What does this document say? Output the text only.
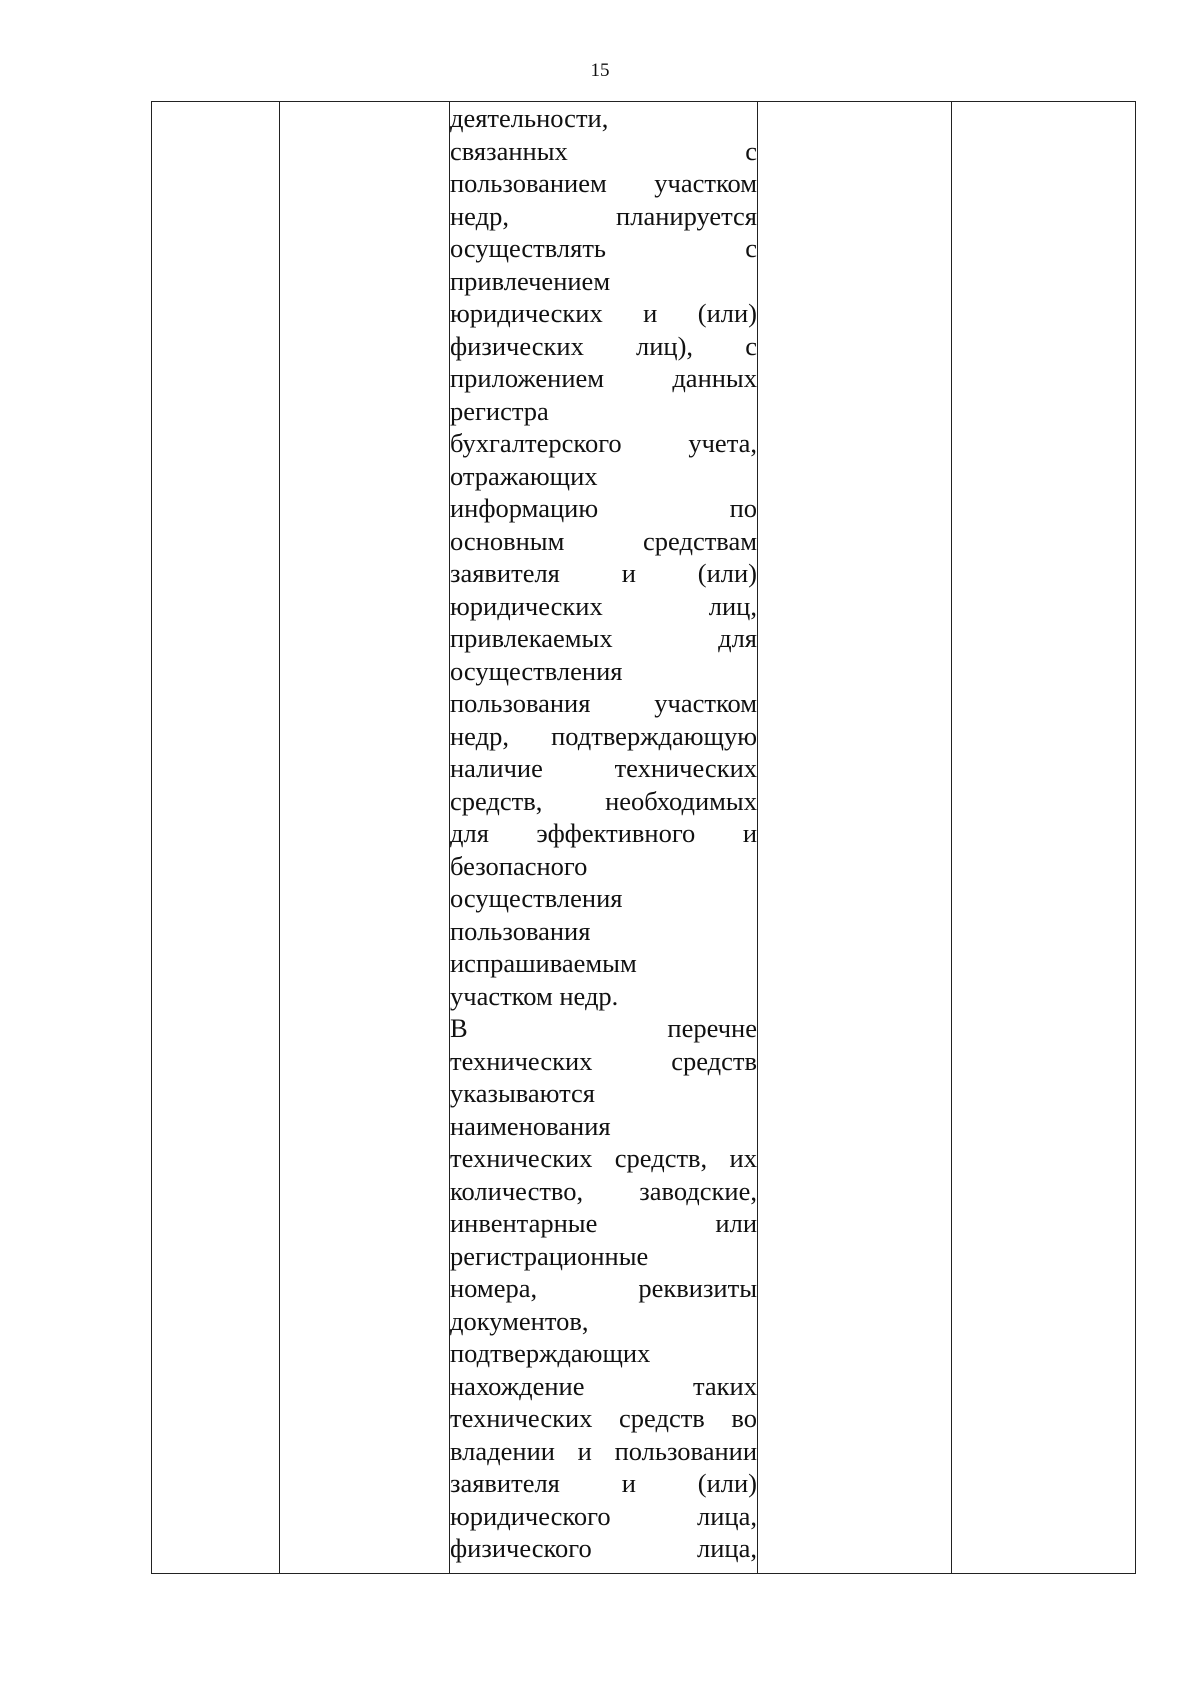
15

деятельности,
связанных с
пользованием участком
недр, планируется
осуществлять с
привлечением
юридических и (или)
физических лиц), с
приложением данных
регистра
бухгалтерского учета,
отражающих
информацию по
основным средствам
заявителя и (или)
юридических лиц,
привлекаемых для
осуществления
пользования участком
недр, подтверждающую
наличие технических
средств, необходимых
для эффективного и
безопасного
осуществления
пользования
испрашиваемым
участком недр.
В перечне
технических средств
указываются
наименования
технических средств, их
количество, заводские,
инвентарные или
регистрационные
номера, реквизиты
документов,
подтверждающих
нахождение таких
технических средств во
владении и пользовании
заявителя и (или)
юридического лица,
физического лица,
